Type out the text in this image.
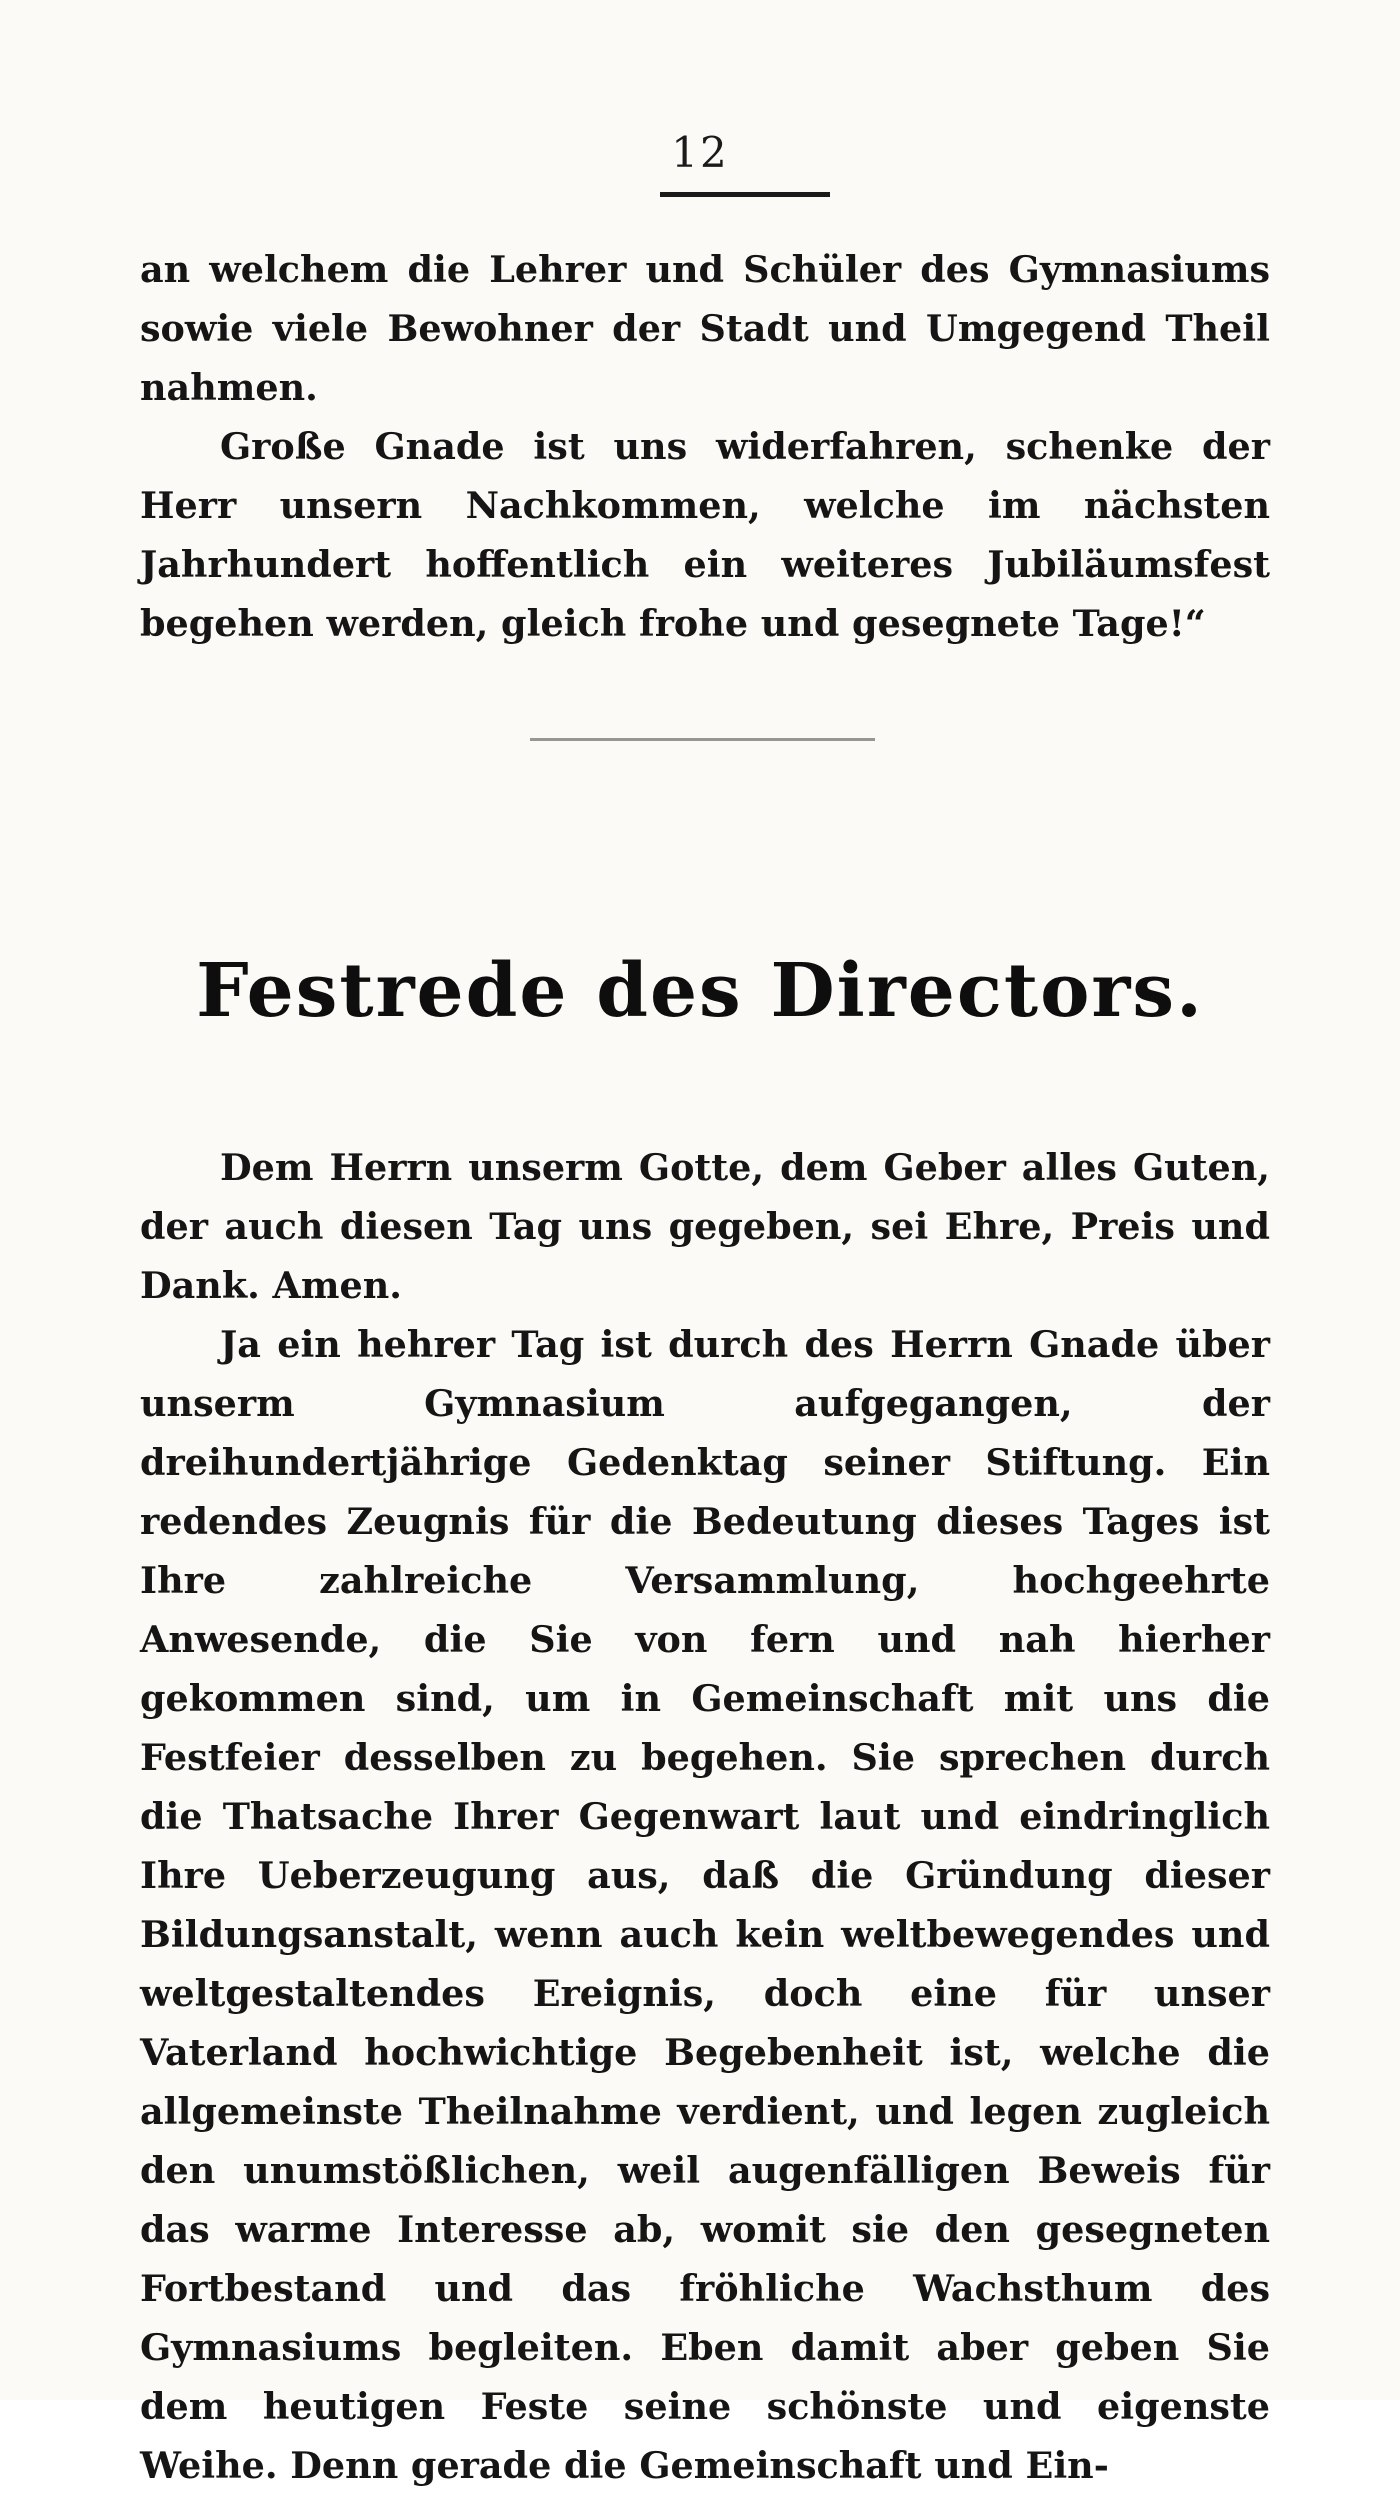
12

an welchem die Lehrer und Schüler des Gymnasiums sowie viele Bewohner der Stadt und Umgegend Theil nahmen.

Große Gnade ist uns widerfahren, schenke der Herr unsern Nachkommen, welche im nächsten Jahrhundert hoffentlich ein weiteres Jubiläumsfest begehen werden, gleich frohe und gesegnete Tage!“

Festrede des Directors.

Dem Herrn unserm Gotte, dem Geber alles Guten, der auch diesen Tag uns gegeben, sei Ehre, Preis und Dank. Amen.

Ja ein hehrer Tag ist durch des Herrn Gnade über unserm Gymnasium aufgegangen, der dreihundertjährige Gedenktag seiner Stiftung. Ein redendes Zeugnis für die Bedeutung dieses Tages ist Ihre zahlreiche Versammlung, hochgeehrte Anwesende, die Sie von fern und nah hierher gekommen sind, um in Gemeinschaft mit uns die Festfeier desselben zu begehen. Sie sprechen durch die Thatsache Ihrer Gegenwart laut und eindringlich Ihre Ueberzeugung aus, daß die Gründung dieser Bildungsanstalt, wenn auch kein weltbewegendes und weltgestaltendes Ereignis, doch eine für unser Vaterland hochwichtige Begebenheit ist, welche die allgemeinste Theilnahme verdient, und legen zugleich den unumstößlichen, weil augenfälligen Beweis für das warme Interesse ab, womit sie den gesegneten Fortbestand und das fröhliche Wachsthum des Gymnasiums begleiten. Eben damit aber geben Sie dem heutigen Feste seine schönste und eigenste Weihe. Denn gerade die Gemeinschaft und Ein-
